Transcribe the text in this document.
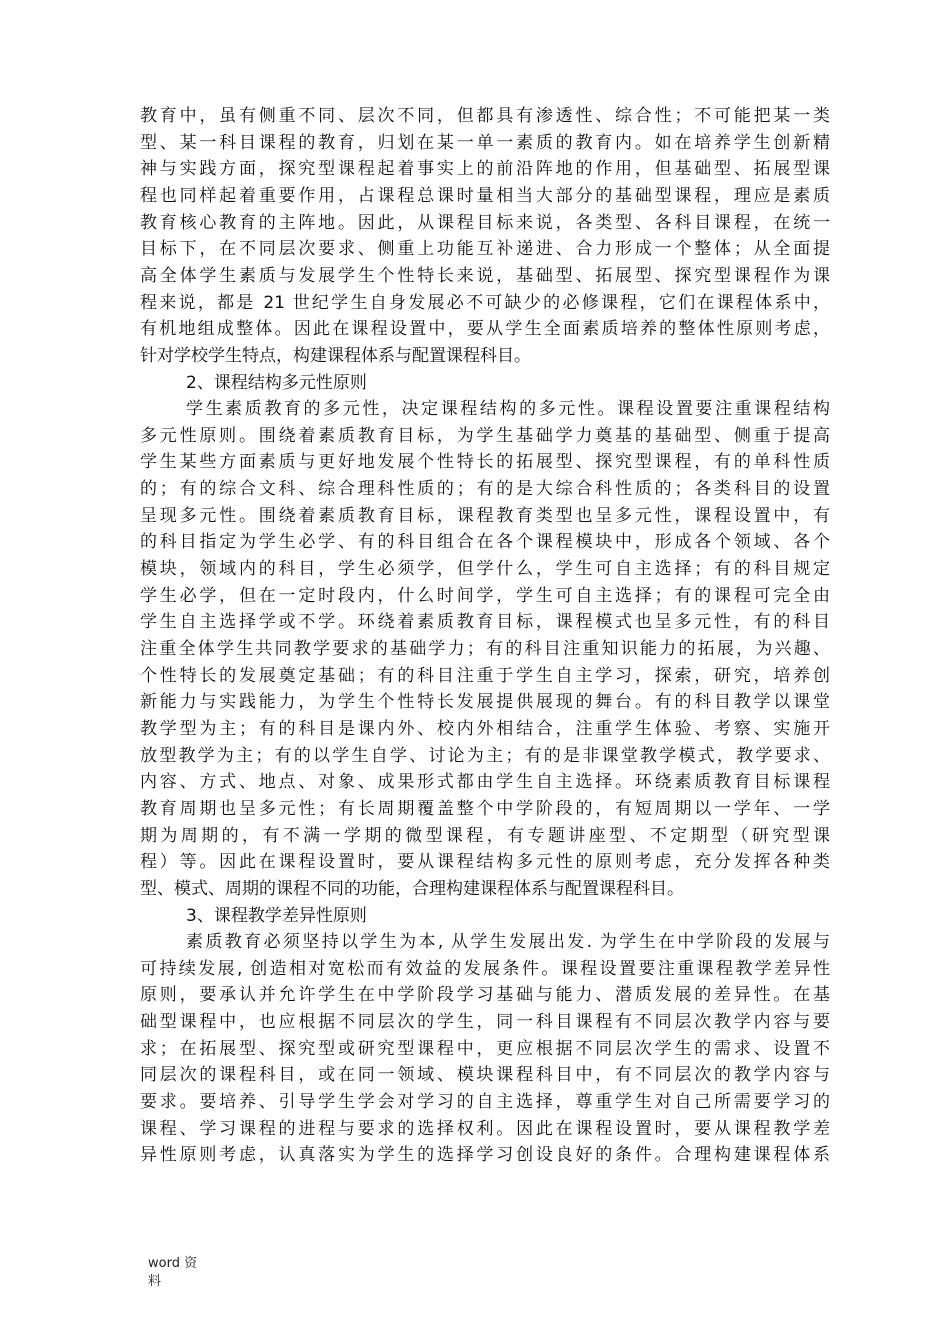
教育中，虽有侧重不同、层次不同，但都具有渗透性、综合性；不可能把某一类
型、某一科目课程的教育，归划在某一单一素质的教育内。如在培养学生创新精
神与实践方面，探究型课程起着事实上的前沿阵地的作用，但基础型、拓展型课
程也同样起着重要作用，占课程总课时量相当大部分的基础型课程，理应是素质
教育核心教育的主阵地。因此，从课程目标来说，各类型、各科目课程，在统一
目标下，在不同层次要求、侧重上功能互补递进、合力形成一个整体；从全面提
高全体学生素质与发展学生个性特长来说，基础型、拓展型、探究型课程作为课
程来说，都是 21 世纪学生自身发展必不可缺少的必修课程，它们在课程体系中，
有机地组成整体。因此在课程设置中，要从学生全面素质培养的整体性原则考虑，
针对学校学生特点，构建课程体系与配置课程科目。
2、课程结构多元性原则
学生素质教育的多元性，决定课程结构的多元性。课程设置要注重课程结构
多元性原则。围绕着素质教育目标，为学生基础学力奠基的基础型、侧重于提高
学生某些方面素质与更好地发展个性特长的拓展型、探究型课程，有的单科性质
的；有的综合文科、综合理科性质的；有的是大综合科性质的；各类科目的设置
呈现多元性。围绕着素质教育目标，课程教育类型也呈多元性，课程设置中，有
的科目指定为学生必学、有的科目组合在各个课程模块中，形成各个领域、各个
模块，领域内的科目，学生必须学，但学什么，学生可自主选择；有的科目规定
学生必学，但在一定时段内，什么时间学，学生可自主选择；有的课程可完全由
学生自主选择学或不学。环绕着素质教育目标，课程模式也呈多元性，有的科目
注重全体学生共同教学要求的基础学力；有的科目注重知识能力的拓展，为兴趣、
个性特长的发展奠定基础；有的科目注重于学生自主学习，探索，研究，培养创
新能力与实践能力，为学生个性特长发展提供展现的舞台。有的科目教学以课堂
教学型为主；有的科目是课内外、校内外相结合，注重学生体验、考察、实施开
放型教学为主；有的以学生自学、讨论为主；有的是非课堂教学模式，教学要求、
内容、方式、地点、对象、成果形式都由学生自主选择。环绕素质教育目标课程
教育周期也呈多元性；有长周期覆盖整个中学阶段的，有短周期以一学年、一学
期为周期的，有不满一学期的微型课程，有专题讲座型、不定期型（研究型课
程）等。因此在课程设置时，要从课程结构多元性的原则考虑，充分发挥各种类
型、模式、周期的课程不同的功能，合理构建课程体系与配置课程科目。
3、课程教学差异性原则
素质教育必须坚持以学生为本, 从学生发展出发. 为学生在中学阶段的发展与
可持续发展, 创造相对宽松而有效益的发展条件。课程设置要注重课程教学差异性
原则，要承认并允许学生在中学阶段学习基础与能力、潜质发展的差异性。在基
础型课程中，也应根据不同层次的学生，同一科目课程有不同层次教学内容与要
求；在拓展型、探究型或研究型课程中，更应根据不同层次学生的需求、设置不
同层次的课程科目，或在同一领域、模块课程科目中，有不同层次的教学内容与
要求。要培养、引导学生学会对学习的自主选择，尊重学生对自己所需要学习的
课程、学习课程的进程与要求的选择权利。因此在课程设置时，要从课程教学差
异性原则考虑，认真落实为学生的选择学习创设良好的条件。合理构建课程体系
word 资
料
